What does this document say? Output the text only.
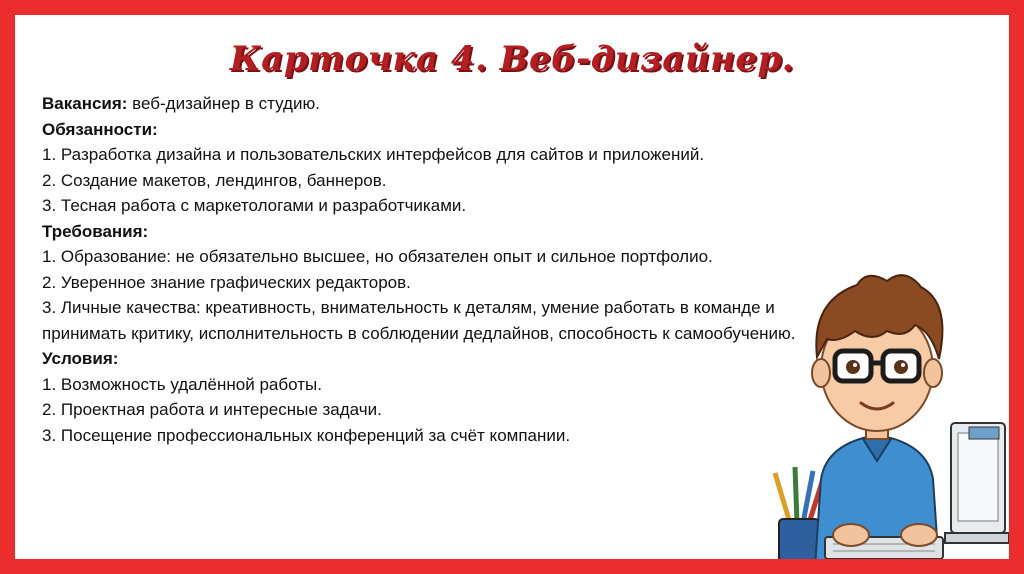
Карточка 4. Веб-дизайнер.

Вакансия: веб-дизайнер в студию.

Обязанности:

1. Разработка дизайна и пользовательских интерфейсов для сайтов и приложений.

2. Создание макетов, лендингов, баннеров.

3. Тесная работа с маркетологами и разработчиками.

Требования:

1. Образование: не обязательно высшее, но обязателен опыт и сильное портфолио.

2. Уверенное знание графических редакторов.

3. Личные качества: креативность, внимательность к деталям, умение работать в команде и принимать критику, исполнительность в соблюдении дедлайнов, способность к самообучению.

Условия:

1. Возможность удалённой работы.

2. Проектная работа и интересные задачи.

3. Посещение профессиональных конференций за счёт компании.
